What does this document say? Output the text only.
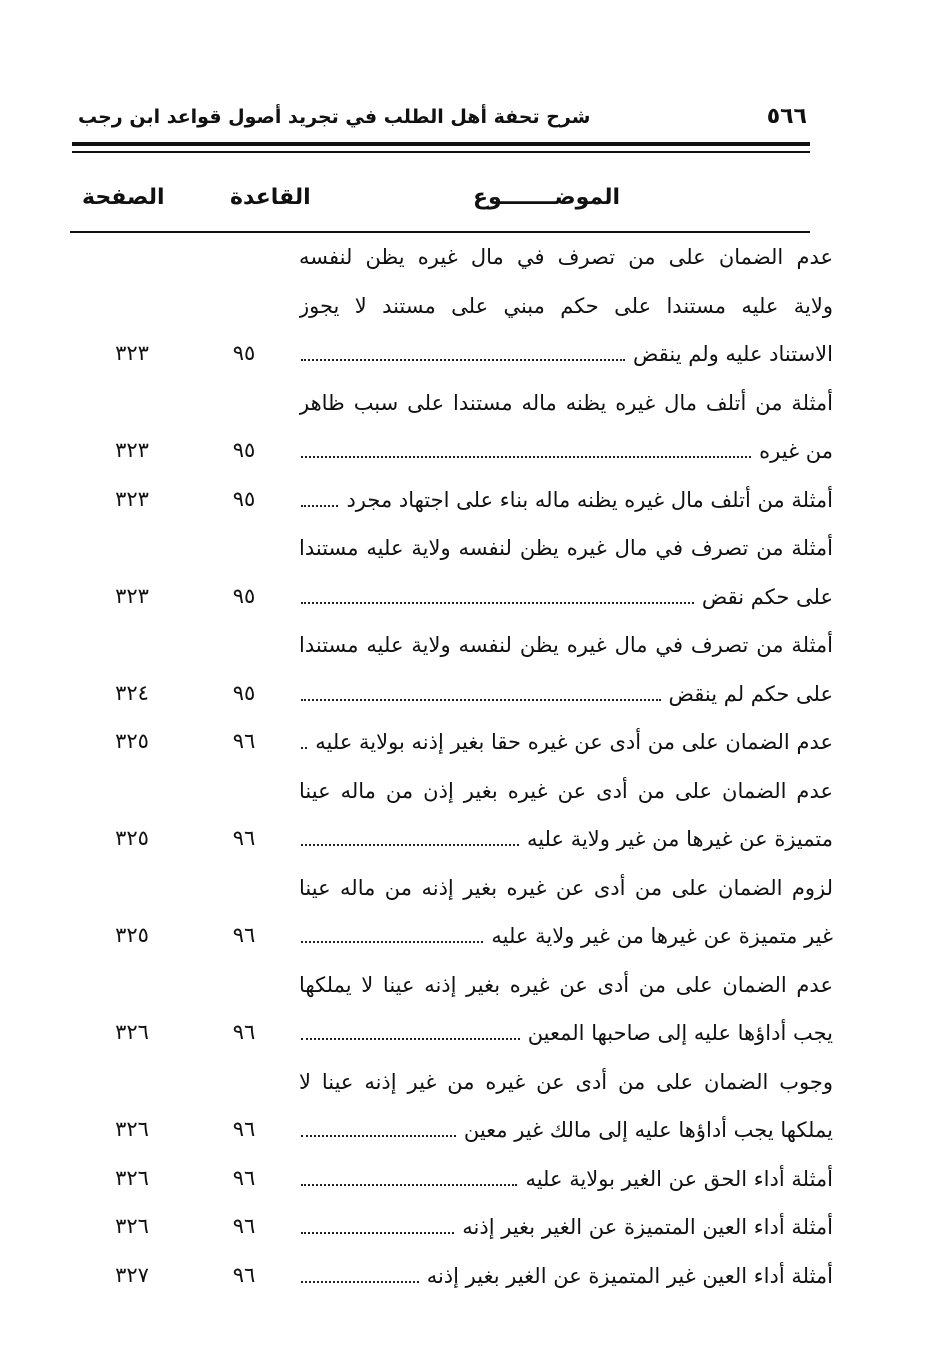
٥٦٦
شرح تحفة أهل الطلب في تجريد أصول قواعد ابن رجب
الموضـــــــوع
القاعدة
الصفحة
عدم الضمان على من تصرف في مال غيره يظن لنفسه
ولاية عليه مستندا على حكم مبني على مستند لا يجوز
الاستناد عليه ولم ينقض
٩٥
٣٢٣
أمثلة من أتلف مال غيره يظنه ماله مستندا على سبب ظاهر
من غيره
٩٥
٣٢٣
أمثلة من أتلف مال غيره يظنه ماله بناء على اجتهاد مجرد
٩٥
٣٢٣
أمثلة من تصرف في مال غيره يظن لنفسه ولاية عليه مستندا
على حكم نقض
٩٥
٣٢٣
أمثلة من تصرف في مال غيره يظن لنفسه ولاية عليه مستندا
على حكم لم ينقض
٩٥
٣٢٤
عدم الضمان على من أدى عن غيره حقا بغير إذنه بولاية عليه
٩٦
٣٢٥
عدم الضمان على من أدى عن غيره بغير إذن من ماله عينا
متميزة عن غيرها من غير ولاية عليه
٩٦
٣٢٥
لزوم الضمان على من أدى عن غيره بغير إذنه من ماله عينا
غير متميزة عن غيرها من غير ولاية عليه
٩٦
٣٢٥
عدم الضمان على من أدى عن غيره بغير إذنه عينا لا يملكها
يجب أداؤها عليه إلى صاحبها المعين
٩٦
٣٢٦
وجوب الضمان على من أدى عن غيره من غير إذنه عينا لا
يملكها يجب أداؤها عليه إلى مالك غير معين
٩٦
٣٢٦
أمثلة أداء الحق عن الغير بولاية عليه
٩٦
٣٢٦
أمثلة أداء العين المتميزة عن الغير بغير إذنه
٩٦
٣٢٦
أمثلة أداء العين غير المتميزة عن الغير بغير إذنه
٩٦
٣٢٧
